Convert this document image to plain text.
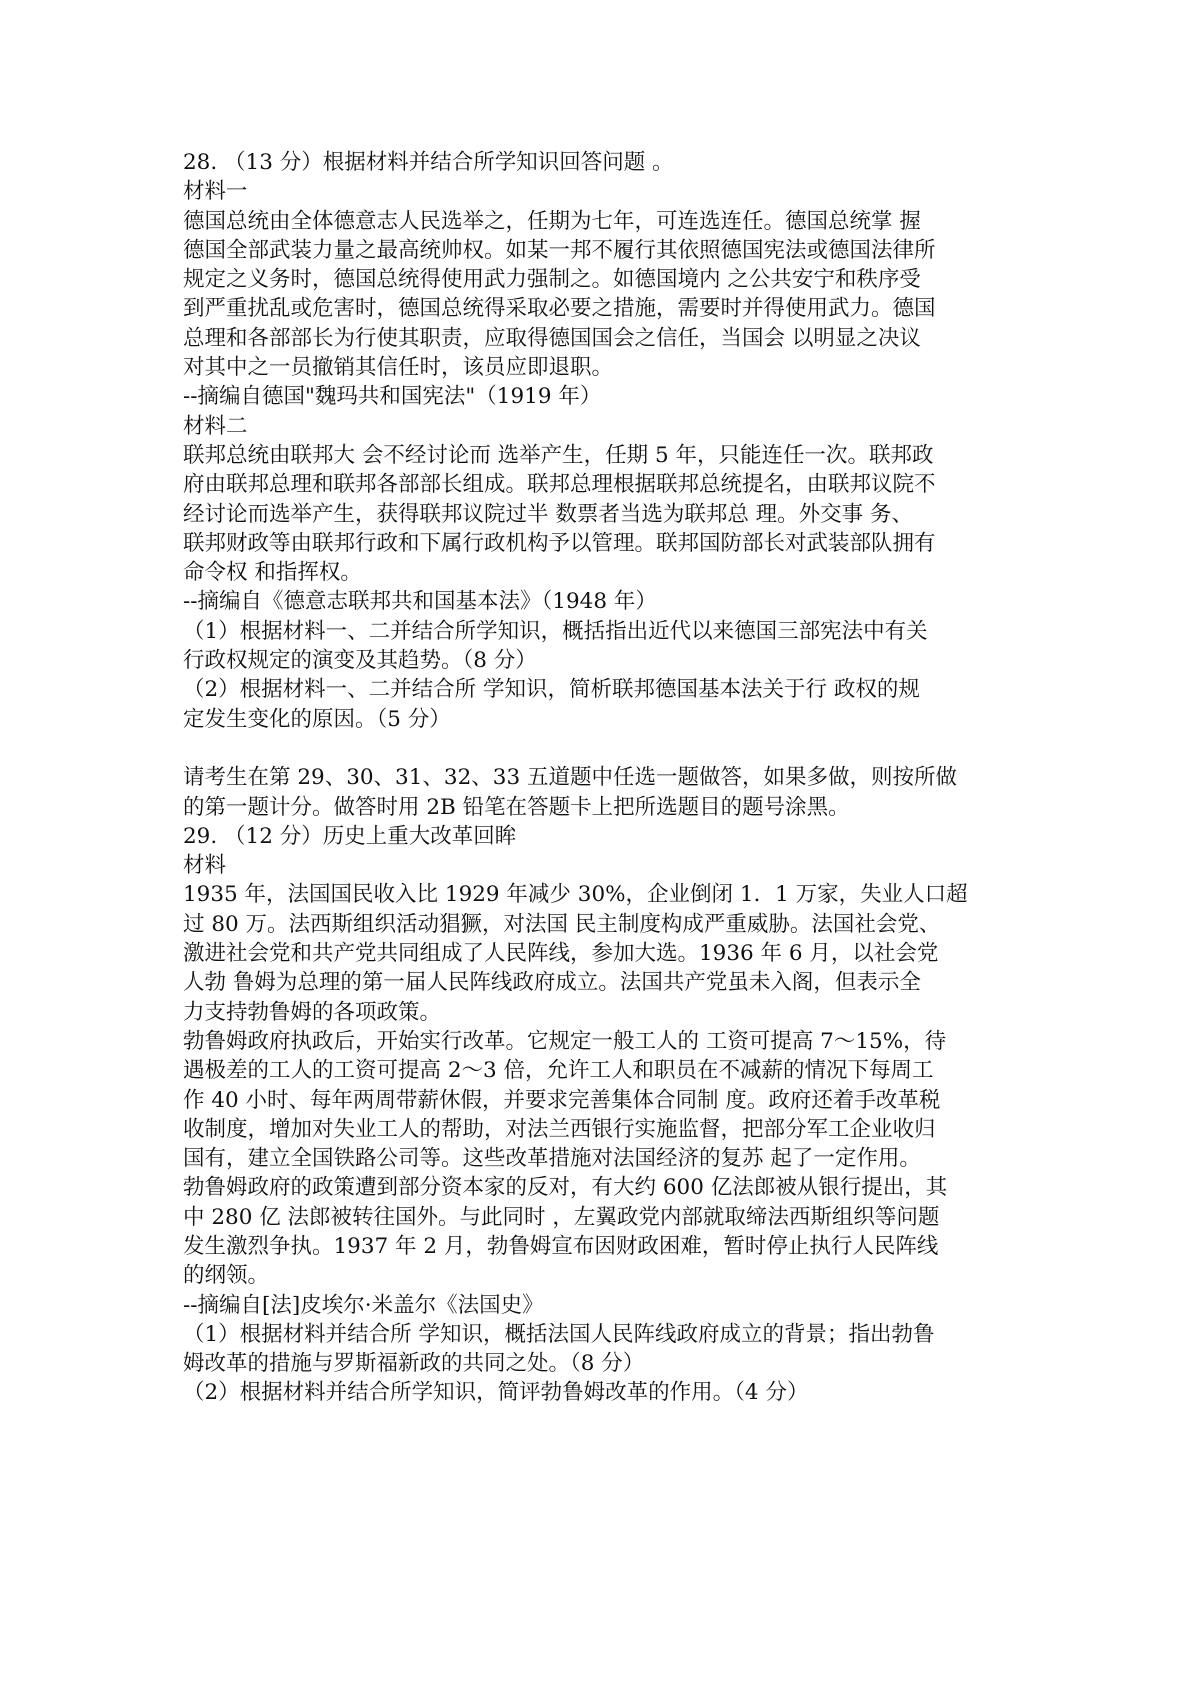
28. （13 分）根据材料并结合所学知识回答问题 。
材料一
德国总统由全体德意志人民选举之，任期为七年，可连选连任。德国总统掌 握
德国全部武装力量之最高统帅权。如某一邦不履行其依照德国宪法或德国法律所
规定之义务时，德国总统得使用武力强制之。如德国境内 之公共安宁和秩序受
到严重扰乱或危害时，德国总统得采取必要之措施，需要时并得使用武力。德国
总理和各部部长为行使其职责，应取得德国国会之信任，当国会 以明显之决议
对其中之一员撤销其信任时，该员应即退职。
--摘编自德国"魏玛共和国宪法"（1919 年）
材料二
联邦总统由联邦大 会不经讨论而 选举产生，任期 5 年，只能连任一次。联邦政
府由联邦总理和联邦各部部长组成。联邦总理根据联邦总统提名，由联邦议院不
经讨论而选举产生，获得联邦议院过半 数票者当选为联邦总 理。外交事 务、
联邦财政等由联邦行政和下属行政机构予以管理。联邦国防部长对武装部队拥有
命令权 和指挥权。
--摘编自《德意志联邦共和国基本法》（1948 年）
（1）根据材料一、二并结合所学知识，概括指出近代以来德国三部宪法中有关
行政权规定的演变及其趋势。（8 分）
（2）根据材料一、二并结合所 学知识，简析联邦德国基本法关于行 政权的规
定发生变化的原因。（5 分）
请考生在第 29、30、31、32、33 五道题中任选一题做答，如果多做，则按所做
的第一题计分。做答时用 2B 铅笔在答题卡上把所选题目的题号涂黑。
29. （12 分）历史上重大改革回眸
材料
1935 年，法国国民收入比 1929 年减少 30%，企业倒闭 1．1 万家，失业人口超
过 80 万。法西斯组织活动猖獗，对法国 民主制度构成严重威胁。法国社会党、
激进社会党和共产党共同组成了人民阵线，参加大选。1936 年 6 月，以社会党
人勃 鲁姆为总理的第一届人民阵线政府成立。法国共产党虽未入阁，但表示全
力支持勃鲁姆的各项政策。
勃鲁姆政府执政后，开始实行改革。它规定一般工人的 工资可提高 7～15%，待
遇极差的工人的工资可提高 2～3 倍，允许工人和职员在不减薪的情况下每周工
作 40 小时、每年两周带薪休假，并要求完善集体合同制 度。政府还着手改革税
收制度，增加对失业工人的帮助，对法兰西银行实施监督，把部分军工企业收归
国有，建立全国铁路公司等。这些改革措施对法国经济的复苏 起了一定作用。
勃鲁姆政府的政策遭到部分资本家的反对，有大约 600 亿法郎被从银行提出，其
中 280 亿 法郎被转往国外。与此同时 ，左翼政党内部就取缔法西斯组织等问题
发生激烈争执。1937 年 2 月，勃鲁姆宣布因财政困难，暂时停止执行人民阵线
的纲领。
--摘编自[法]皮埃尔·米盖尔《法国史》
（1）根据材料并结合所 学知识，概括法国人民阵线政府成立的背景；指出勃鲁
姆改革的措施与罗斯福新政的共同之处。（8 分）
（2）根据材料并结合所学知识，简评勃鲁姆改革的作用。（4 分）
